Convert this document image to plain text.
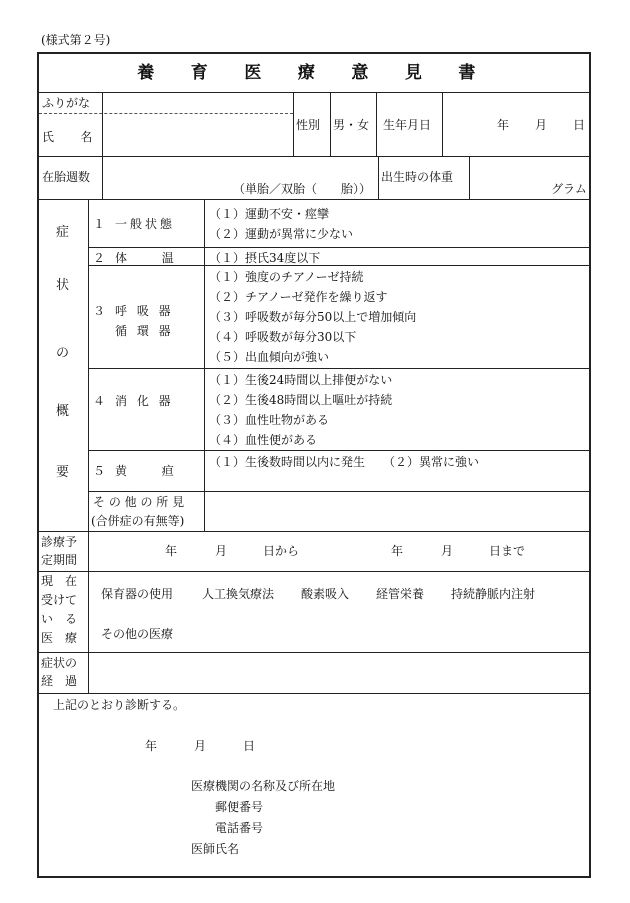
(様式第２号)
養 育 医 療 意 見 書
ふりがな
氏　名
性別 男・女 生年月日	年 月 日
在胎週数
（単胎／双胎（　　胎））
出生時の体重
グラム
症
状
の
概
要
１ 一般状態
（１）運動不安・痙攣
（２）運動が異常に少ない
２ 体　　温	（１）摂氏34度以下
３ 呼 吸 器
循 環 器
（１）強度のチアノーゼ持続
（２）チアノーゼ発作を繰り返す
（３）呼吸数が毎分50以上で増加傾向
（４）呼吸数が毎分30以下
（５）出血傾向が強い
４ 消 化 器
（１）生後24時間以上排便がない
（２）生後48時間以上嘔吐が持続
（３）血性吐物がある
（４）血性便がある
５ 黄　　疸
（１）生後数時間以内に発生　　（２）異常に強い
そ の 他 の 所 見
(合併症の有無等)
診療予
定期間
年	月	日から	年	月	日まで
現　在
受けて
い　る
医　療
保育器の使用 人工換気療法 酸素吸入 経管栄養 持続静脈内注射
その他の医療
症状の
経　過
上記のとおり診断する。
年	月	日
医療機関の名称及び所在地
郵便番号
電話番号
医師氏名
